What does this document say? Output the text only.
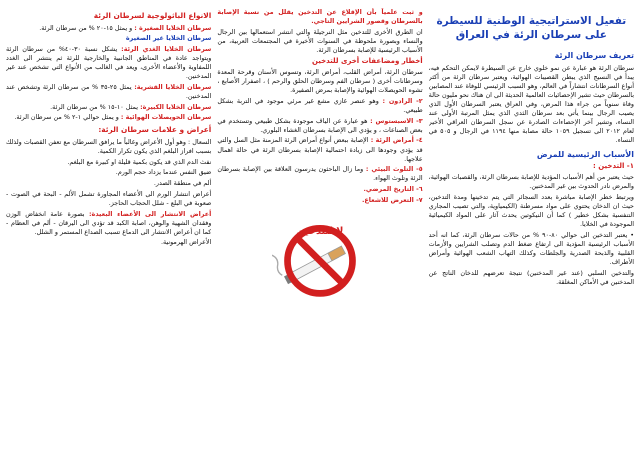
تفعيل الاستراتيجية الوطنية للسيطرة على سرطان الرئة في العراق
تعريف سرطان الرئة

سرطان الرئة هو عبارة عن نمو خلوي خارج عن السيطرة لايمكن التحكم فيه، يبدأ في النسيج الذي يبطن القصيبات الهوائية، ويعتبر سرطان الرئة من أكثر أنواع السرطانات انتشاراً في العالم، وهو السبب الرئيسي للوفاة عند المصابين بالسرطان حيث تشير الإحصائيات العالمية الحديثة الى ان هناك نحو مليون حالة وفاة سنوياً من جراء هذا المرض، وفي العراق يعتبر السرطان الأول الذي يصيب الرجال بينما يأتي بعد سرطان الثدي الذي يمثل المرتبة الأولى عند النساء، وتشير آخر الإحصاءات الصادرة عن سجل السرطان العراقي الأخير لعام ٢٠١٢ الى تسجيل ١٠٥٩ حالة مصابة منها ١١٩٤ في الرجال و ٥٠٥ في النساء.

الأسباب الرئيسية للمرض
١- التدخين :

حيث يعتبر من أهم الأسباب المؤدية للإصابة بسرطان الرئة، والقصبات الهوائية، والمرض نادر الحدوث بين غير المدخنين.

ويرتبط خطر الإصابة مباشرة بعدد السجائر التي يتم تدخينها ومدة التدخين، حيث ان الدخان يحتوي على مواد مسرطنة (الكيمياوية، والتي تصيب المجاري التنفسية بشكل خطير ) كما أن النيكوتين يحدث آثار على المواد الكيميائية الموجودة في الخلايا.

• يعتبر التدخين الى حوالي ٨٠-٩٠ % من حالات سرطان الرئة، كما انه أحد الأسباب الرئيسية المؤدية الى ارتفاع ضغط الدم وتصلب الشرايين والأزمات القلبية والذبحة الصدرية والجلطات وكذلك التهاب الشعب الهوائية وأمراض الأطراف.

والتدخين السلبي (عند غير المدخنين) نتيجة تعرضهم للدخان الناتج عن المدخنين في الأماكن المغلقة.

و ثبت علمياً بأن الإقلاع عن التدخين يقلل من نسبة الإصابة بالسرطان وقصور الشرايين التاجي.

ان الطرق الأخرى للتدخين مثل النرجيلة والتي انتشر استعمالها بين الرجال والنساء وبصورة ملحوظة في السنوات الأخيرة في المجتمعات العربية، من الأسباب الرئيسية للإصابة بسرطان الرئة.

أخطار ومضاعفات أخرى للتدخين

سرطان الرئة، أمراض القلب، أمراض الرئة، وتسوس الأسنان وقرحة المعدة وسرطانات أخرى ( سرطان الفم وسرطان الحلق والرحم ) ، اصفرار الأصابع ، تشوه الحويصلات الهوائية والإصابة بمرض الصفيرة.

٢- الرادون : وهو عنصر غازي مشع غير مرئي موجود في التربة بشكل طبيعي.

٣- الاسبستوس : هو عبارة عن الياف موجودة بشكل طبيعي وتستخدم في بعض الصناعات ، و يؤدي الى الإصابة بسرطان الغشاء البلوري.

٤- أمراض الرئة : الإصابة ببعض أنواع أمراض الرئة المزمنة مثل السل والتي قد يؤدي وجودها الى زيادة احتمالية الإصابة بسرطان الرئة في حالة اهمال علاجها.

٥- التلوث البيئي : وما زال الباحثون يدرسون العلاقة بين الإصابة بسرطان الرئة وتلوث الهواء.

٦- التاريخ المرضي.

٧- التعرض للاشعاع.

لا للتدخين
الانواع الباثولوجية لسرطان الرئة

سرطان الخلايا الصغيرة : و يمثل ١٥-٢٠ % من سرطان الرئة.

سرطان الخلايا غير الصغيرة

سرطان الخلايا الغدي الرئة: يشكل نسبة ٣٠-٤٠% من سرطان الرئة ويتواجد عادة في المناطق الجانبية والخارجية للرئة ثم ينتشر الى الغدد اللمفاوية والأعضاء الأخرى، ويعد في الغالب من الأنواع التي تشخص عند غير المدخنين.

سرطان الخلايا القشرية: يمثل ٢٥-٣٥ % من سرطان الرئة وتشخص عند المدخنين.

سرطان الخلايا الكبيرة: يمثل ١٠-١٥ % من سرطان الرئة.

سرطان الحويصلات الهوائية : و يمثل حوالي ١-٢ % من سرطان الرئة.

أعراض و علامات سرطان الرئة:

السعال : وهو أول الأعراض وغالباً ما يرافق السرطان مع تعفن القصبات ولذلك بسبب افراز البلغم الذي يكون تكرار الكمية.

نفث الدم الذي قد يكون بكمية قليلة او كبيرة مع البلغم.

ضيق النفس عندما يزداد حجم الورم.

ألم في منطقة الصدر.

أعراض انتشار الورم الى الأعضاء المجاورة تشمل الألم - البحة في الصوت - صعوبة في البلع - شلل الحجاب الحاجز.

أعراض الانتشار الى الأعضاء البعيدة: بصورة عامة انخفاض الوزن وفقدان الشهية والوهن، اصابة الكبد قد تؤدي الى اليرقان - ألم في العظام - كما ان أعراض الانتشار الى الدماغ تسبب الصداع المستمر و الشلل.

الأعراض الهرمونية.
